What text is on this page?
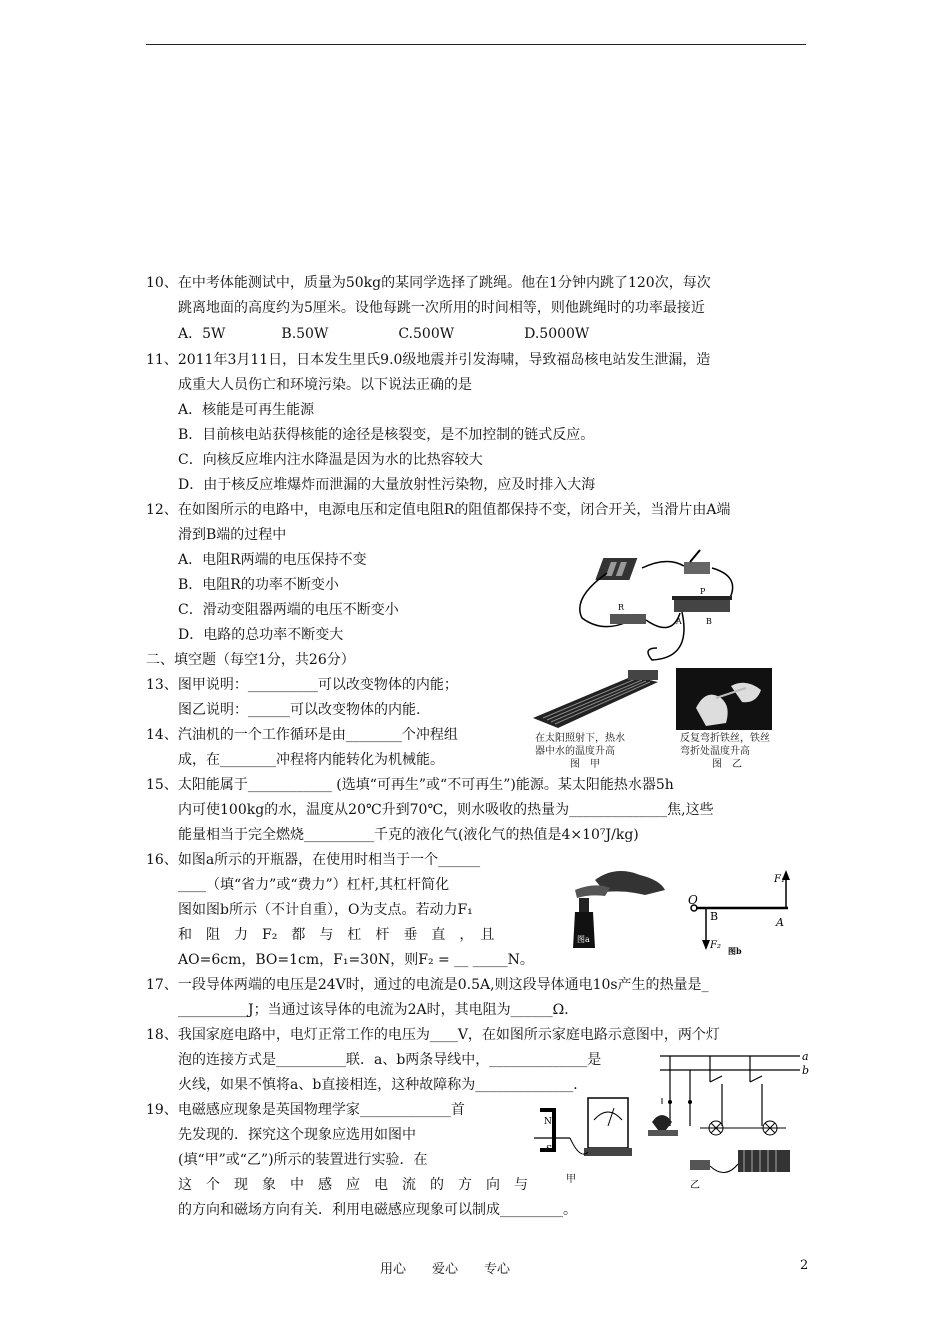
10、在中考体能测试中，质量为50kg的某同学选择了跳绳。他在1分钟内跳了120次，每次
跳离地面的高度约为5厘米。设他每跳一次所用的时间相等，则他跳绳时的功率最接近
A．5W　　　　B.50W　　　　　C.500W　　　　　D.5000W
11、2011年3月11日，日本发生里氏9.0级地震并引发海啸，导致福岛核电站发生泄漏，造
成重大人员伤亡和环境污染。以下说法正确的是
A．核能是可再生能源
B．目前核电站获得核能的途径是核裂变，是不加控制的链式反应。
C．向核反应堆内注水降温是因为水的比热容较大
D．由于核反应堆爆炸而泄漏的大量放射性污染物，应及时排入大海
12、在如图所示的电路中，电源电压和定值电阻R的阻值都保持不变，闭合开关，当滑片由A端
滑到B端的过程中
A．电阻R两端的电压保持不变
B．电阻R的功率不断变小
C．滑动变阻器两端的电压不断变小
D．电路的总功率不断变大
二、填空题（每空1分，共26分）
13、图甲说明：__________可以改变物体的内能；
图乙说明：______可以改变物体的内能.
14、汽油机的一个工作循环是由________个冲程组
成，在________冲程将内能转化为机械能。
15、太阳能属于____________ (选填“可再生”或“不可再生”)能源。某太阳能热水器5h
内可使100kg的水，温度从20℃升到70℃，则水吸收的热量为______________焦,这些
能量相当于完全燃烧__________千克的液化气(液化气的热值是4×10⁷J/kg)
16、如图a所示的开瓶器，在使用时相当于一个______
____（填“省力”或“费力”）杠杆,其杠杆简化
图如图b所示（不计自重），O为支点。若动力F₁
和　阻　力　F₂　都　与　杠　杆　垂　直　，　且
AO=6cm，BO=1cm，F₁=30N，则F₂ = __ _____N。
17、一段导体两端的电压是24V时，通过的电流是0.5A,则这段导体通电10s产生的热量是_
__________J；当通过该导体的电流为2A时，其电阻为______Ω．
18、我国家庭电路中，电灯正常工作的电压为____V，在如图所示家庭电路示意图中，两个灯
泡的连接方式是__________联．a、b两条导线中，______________是
火线，如果不慎将a、b直接相连，这种故障称为______________．
19、电磁感应现象是英国物理学家_____________首
先发现的．探究这个现象应选用如图中
(填“甲”或“乙”)所示的装置进行实验．在
这　个　现　象　中　感　应　电　流　的　方　向　与
的方向和磁场方向有关．利用电磁感应现象可以制成_________。
R
P
A	B
在太阳照射下，热水
器中水的温度升高
图　甲
反复弯折铁丝，铁丝
弯折处温度升高
图　乙
图a
O
B	A
F₁
F₂ 图b
a
b
N
S
甲
乙
用心　　爱心　　专心	2
